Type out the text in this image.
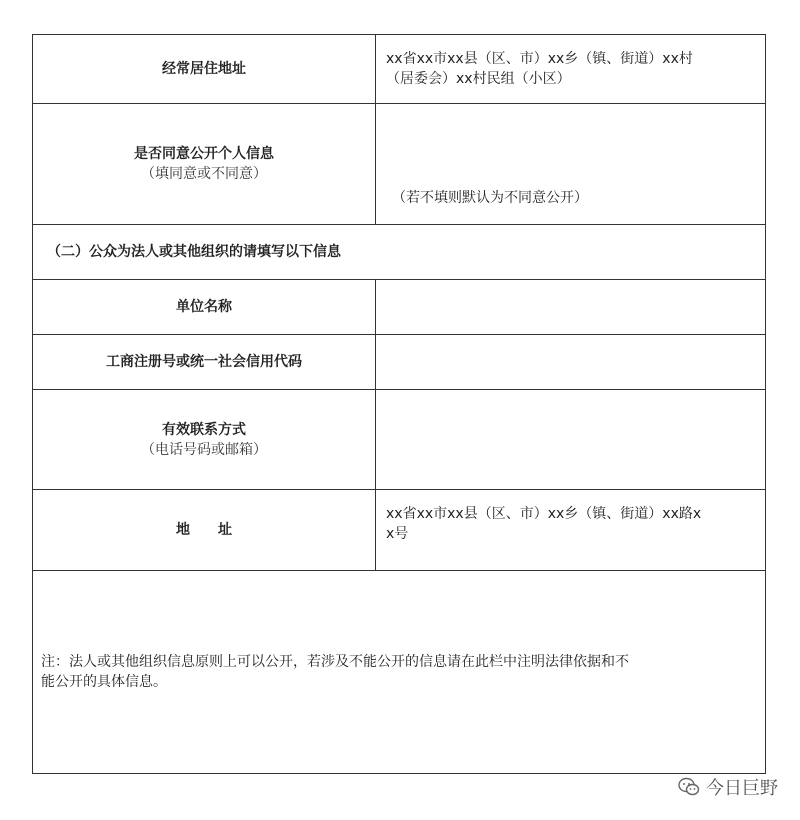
经常居住地址	xx省xx市xx县（区、市）xx乡（镇、街道）xx村
（居委会）xx村民组（小区）

是否同意公开个人信息
（填同意或不同意）	（若不填则默认为不同意公开）

（二）公众为法人或其他组织的请填写以下信息	

单位名称	

工商注册号或统一社会信用代码	

有效联系方式
（电话号码或邮箱）	

地　　址	xx省xx市xx县（区、市）xx乡（镇、街道）xx路x
x号

注：法人或其他组织信息原则上可以公开，若涉及不能公开的信息请在此栏中注明法律依据和不
能公开的具体信息。	
今日巨野
